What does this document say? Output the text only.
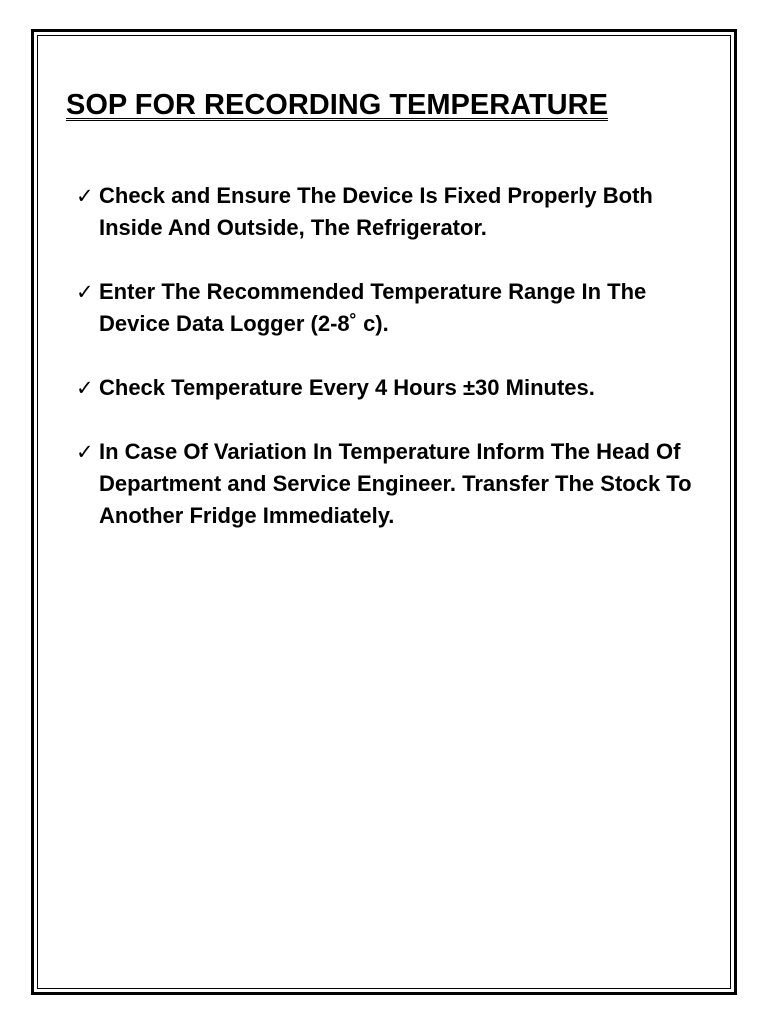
SOP FOR RECORDING TEMPERATURE
✓ Check and Ensure The Device Is Fixed Properly Both Inside And Outside, The Refrigerator.
✓ Enter The Recommended Temperature Range In The Device Data Logger (2-8˚ c).
✓ Check Temperature Every 4 Hours ±30 Minutes.
✓ In Case Of Variation In Temperature Inform The Head Of Department and Service Engineer. Transfer The Stock To Another Fridge Immediately.
